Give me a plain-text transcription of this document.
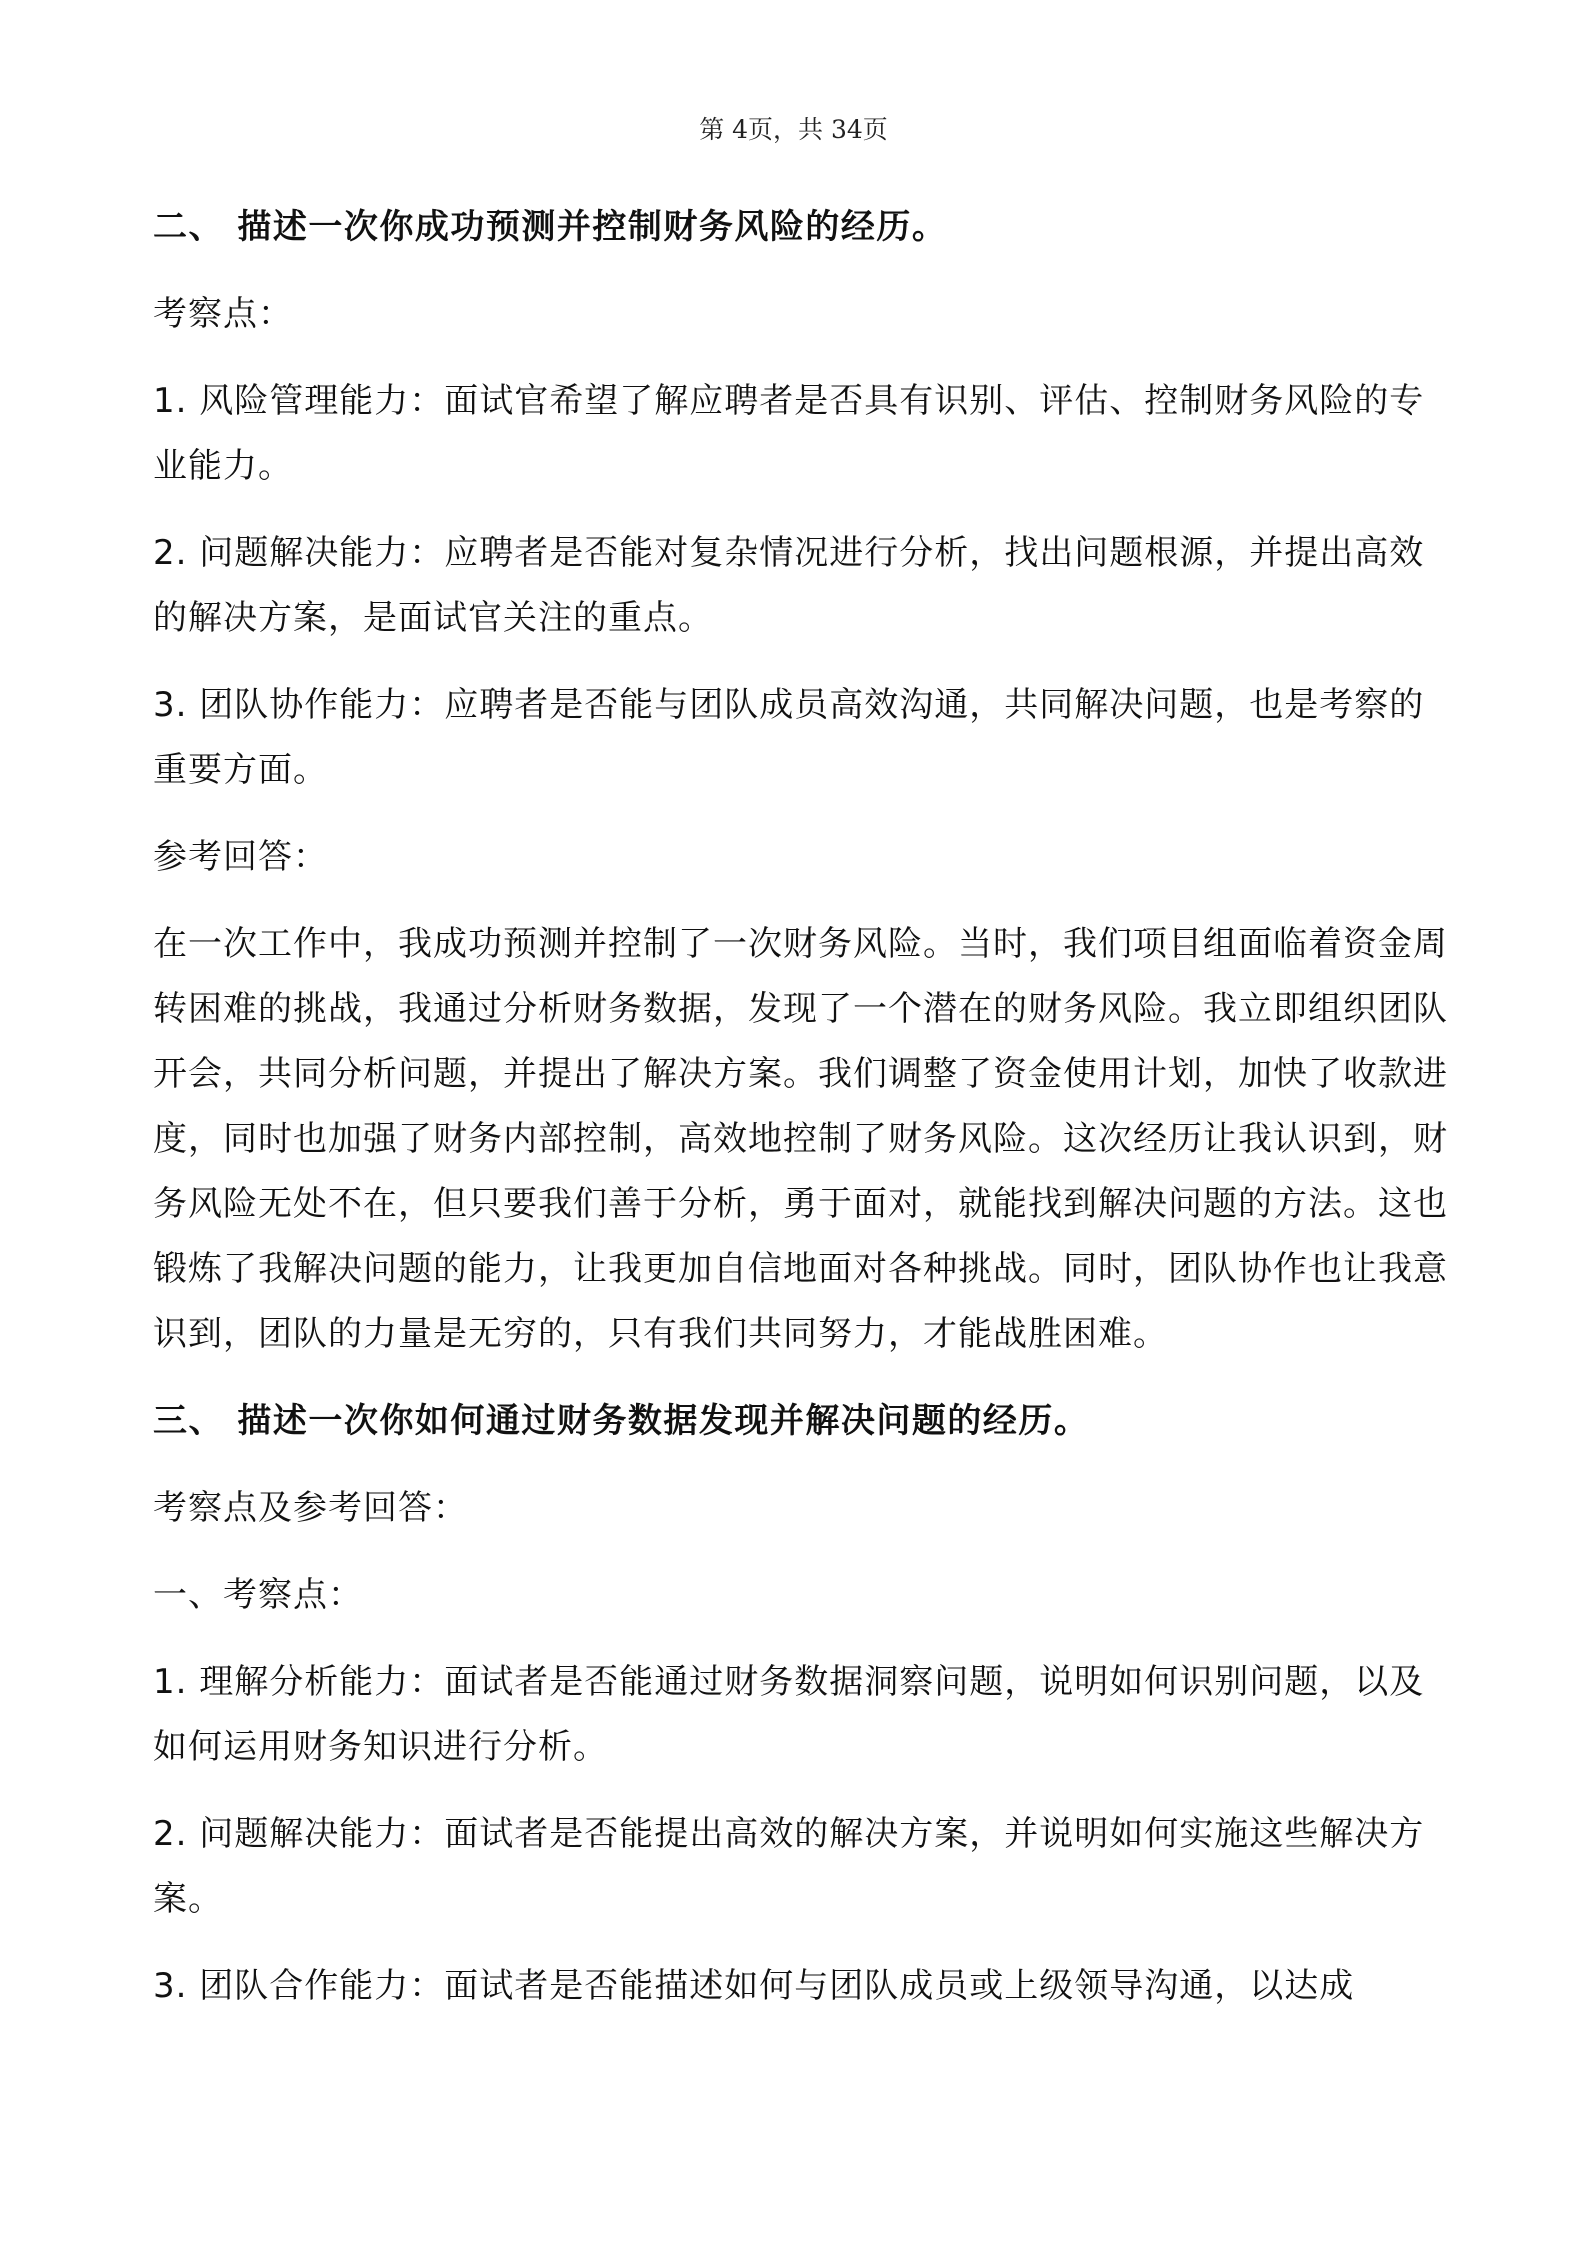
第 4页，共 34页

二、 描述一次你成功预测并控制财务风险的经历。

考察点：

1. 风险管理能力：面试官希望了解应聘者是否具有识别、评估、控制财务风险的专业能力。

2. 问题解决能力：应聘者是否能对复杂情况进行分析，找出问题根源，并提出高效的解决方案，是面试官关注的重点。

3. 团队协作能力：应聘者是否能与团队成员高效沟通，共同解决问题，也是考察的重要方面。

参考回答：

在一次工作中，我成功预测并控制了一次财务风险。当时，我们项目组面临着资金周转困难的挑战，我通过分析财务数据，发现了一个潜在的财务风险。我立即组织团队开会，共同分析问题，并提出了解决方案。我们调整了资金使用计划，加快了收款进度，同时也加强了财务内部控制，高效地控制了财务风险。这次经历让我认识到，财务风险无处不在，但只要我们善于分析，勇于面对，就能找到解决问题的方法。这也锻炼了我解决问题的能力，让我更加自信地面对各种挑战。同时，团队协作也让我意识到，团队的力量是无穷的，只有我们共同努力，才能战胜困难。

三、 描述一次你如何通过财务数据发现并解决问题的经历。

考察点及参考回答：

一、考察点：

1. 理解分析能力：面试者是否能通过财务数据洞察问题，说明如何识别问题，以及如何运用财务知识进行分析。

2. 问题解决能力：面试者是否能提出高效的解决方案，并说明如何实施这些解决方案。

3. 团队合作能力：面试者是否能描述如何与团队成员或上级领导沟通，以达成
